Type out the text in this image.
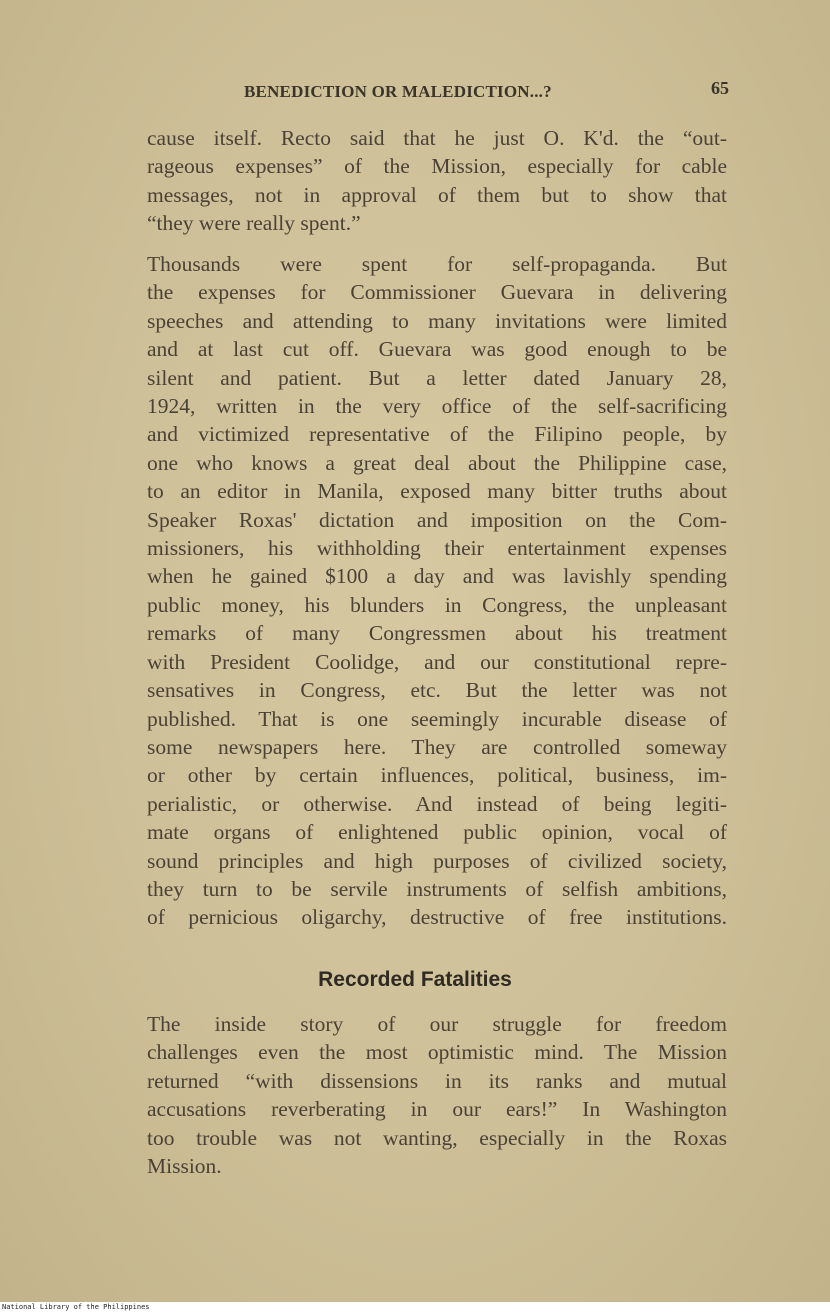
BENEDICTION OR MALEDICTION...?	65
cause itself. Recto said that he just O. K'd. the “out-
rageous expenses” of the Mission, especially for cable
messages, not in approval of them but to show that
“they were really spent.”
Thousands were spent for self-propaganda. But
the expenses for Commissioner Guevara in delivering
speeches and attending to many invitations were limited
and at last cut off. Guevara was good enough to be
silent and patient. But a letter dated January 28,
1924, written in the very office of the self-sacrificing
and victimized representative of the Filipino people, by
one who knows a great deal about the Philippine case,
to an editor in Manila, exposed many bitter truths about
Speaker Roxas' dictation and imposition on the Com-
missioners, his withholding their entertainment expenses
when he gained $100 a day and was lavishly spending
public money, his blunders in Congress, the unpleasant
remarks of many Congressmen about his treatment
with President Coolidge, and our constitutional repre-
sensatives in Congress, etc. But the letter was not
published. That is one seemingly incurable disease of
some newspapers here. They are controlled someway
or other by certain influences, political, business, im-
perialistic, or otherwise. And instead of being legiti-
mate organs of enlightened public opinion, vocal of
sound principles and high purposes of civilized society,
they turn to be servile instruments of selfish ambitions,
of pernicious oligarchy, destructive of free institutions.
Recorded Fatalities
The inside story of our struggle for freedom
challenges even the most optimistic mind. The Mission
returned “with dissensions in its ranks and mutual
accusations reverberating in our ears!” In Washington
too trouble was not wanting, especially in the Roxas
Mission.
National Library of the Philippines
